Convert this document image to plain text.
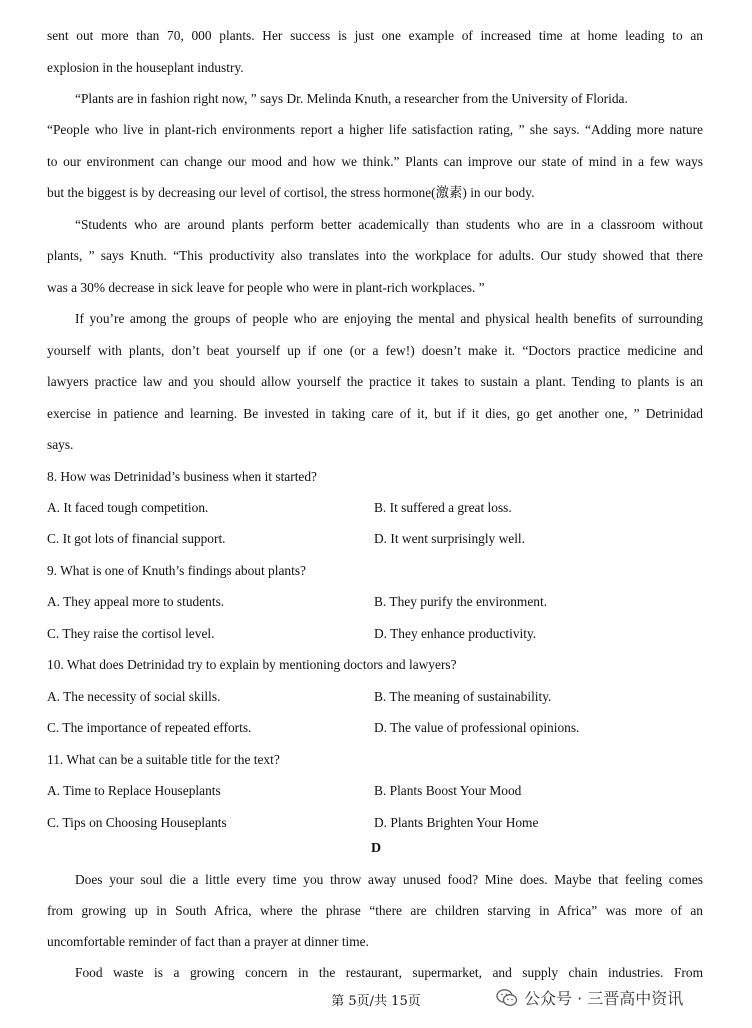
sent out more than 70, 000 plants. Her success is just one example of increased time at home leading to an
explosion in the houseplant industry.
“Plants are in fashion right now, ” says Dr. Melinda Knuth, a researcher from the University of Florida.
“People who live in plant-rich environments report a higher life satisfaction rating, ” she says. “Adding more nature
to our environment can change our mood and how we think.” Plants can improve our state of mind in a few ways
but the biggest is by decreasing our level of cortisol, the stress hormone(激素) in our body.
“Students who are around plants perform better academically than students who are in a classroom without
plants, ” says Knuth. “This productivity also translates into the workplace for adults. Our study showed that there
was a 30% decrease in sick leave for people who were in plant-rich workplaces. ”
If you’re among the groups of people who are enjoying the mental and physical health benefits of surrounding
yourself with plants, don’t beat yourself up if one (or a few!) doesn’t make it. “Doctors practice medicine and
lawyers practice law and you should allow yourself the practice it takes to sustain a plant. Tending to plants is an
exercise in patience and learning. Be invested in taking care of it, but if it dies, go get another one, ” Detrinidad
says.
8. How was Detrinidad’s business when it started?
A. It faced tough competition.	B. It suffered a great loss.
C. It got lots of financial support.	D. It went surprisingly well.
9. What is one of Knuth’s findings about plants?
A. They appeal more to students.	B. They purify the environment.
C. They raise the cortisol level.	D. They enhance productivity.
10. What does Detrinidad try to explain by mentioning doctors and lawyers?
A. The necessity of social skills.	B. The meaning of sustainability.
C. The importance of repeated efforts.	D. The value of professional opinions.
11. What can be a suitable title for the text?
A. Time to Replace Houseplants	B. Plants Boost Your Mood
C. Tips on Choosing Houseplants	D. Plants Brighten Your Home
D
Does your soul die a little every time you throw away unused food? Mine does. Maybe that feeling comes
from growing up in South Africa, where the phrase “there are children starving in Africa” was more of an
uncomfortable reminder of fact than a prayer at dinner time.
Food waste is a growing concern in the restaurant, supermarket, and supply chain industries. From
第 5页/共 15页	公众号 · 三晋高中资讯
